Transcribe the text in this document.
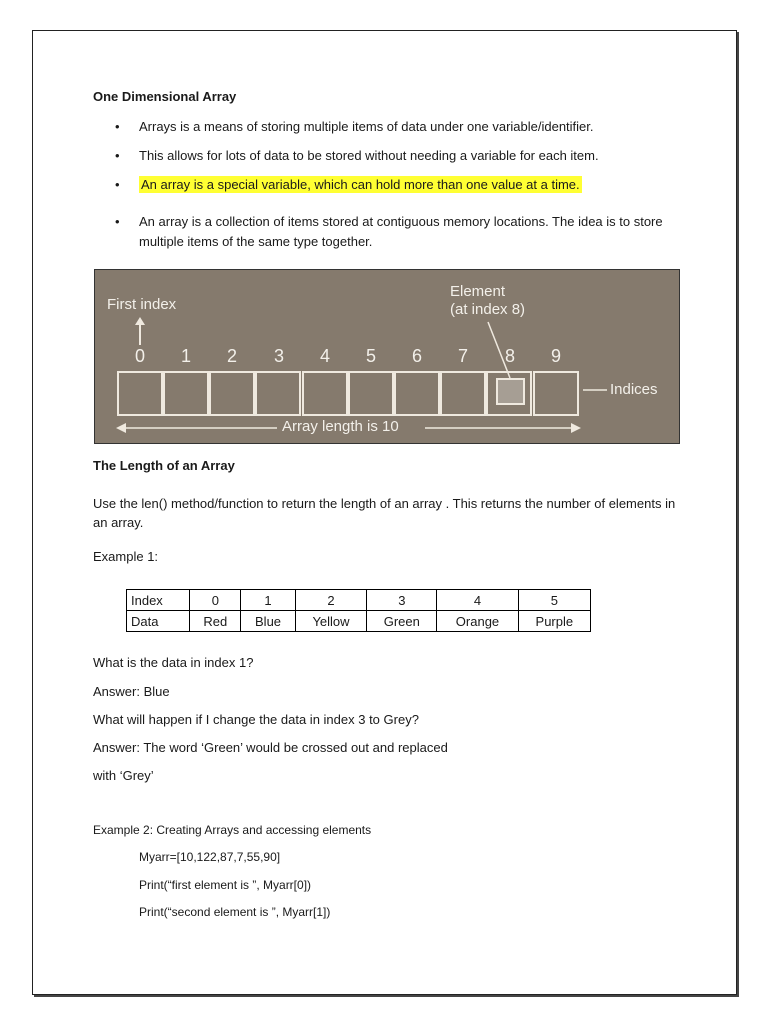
One Dimensional Array
• Arrays is a means of storing multiple items of data under one variable/identifier.
• This allows for lots of data to be stored without needing a variable for each item.
• An array is a special variable, which can hold more than one value at a time.
• An array is a collection of items stored at contiguous memory locations. The idea is to store multiple items of the same type together.
First index
Element
(at index 8)
0 1 2 3 4 5 6 7 8 9
Indices
Array length is 10
The Length of an Array
Use the len() method/function to return the length of an array . This returns the number of elements in an array.
Example 1:
Index	0	1	2	3	4	5
Data	Red	Blue	Yellow	Green	Orange	Purple
What is the data in index 1?
Answer: Blue
What will happen if I change the data in index 3 to Grey?
Answer: The word ‘Green’ would be crossed out and replaced
with ‘Grey’
Example 2: Creating Arrays and accessing elements
Myarr=[10,122,87,7,55,90]
Print(“first element is ”, Myarr[0])
Print(“second element is ”, Myarr[1])
